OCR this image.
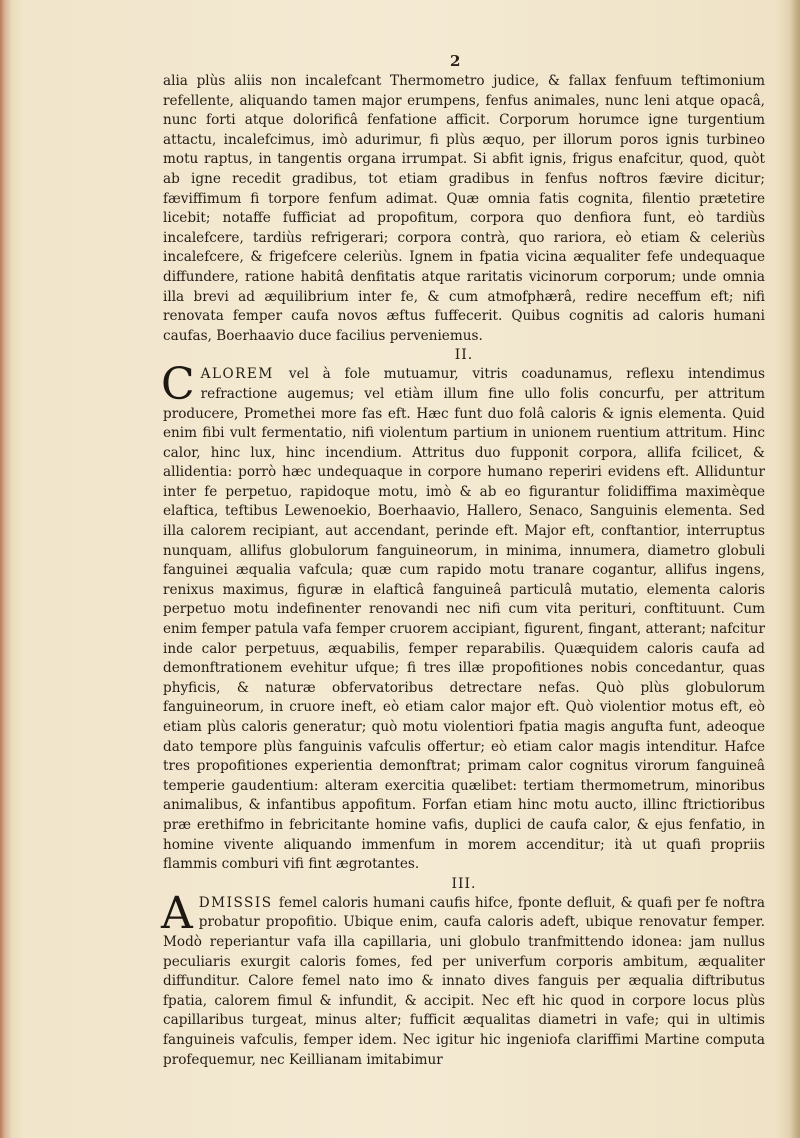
2

alia plùs aliis non incalefcant Thermometro judice, & fallax fenfuum teftimonium refellente, aliquando tamen major erumpens, fenfus animales, nunc leni atque opacâ, nunc forti atque dolorificâ fenfatione afficit. Corporum horumce igne turgentium attactu, incalefcimus, imò adurimur, fi plùs æquo, per illorum poros ignis turbineo motu raptus, in tangentis organa irrumpat. Si abfit ignis, frigus enafcitur, quod, quòt ab igne recedit gradibus, tot etiam gradibus in fenfus noftros fævire dicitur; fæviffimum fi torpore fenfum adimat. Quæ omnia fatis cognita, filentio prætetire licebit; notaffe fufficiat ad propofitum, corpora quo denfiora funt, eò tardiùs incalefcere, tardiùs refrigerari; corpora contrà, quo rariora, eò etiam & celeriùs incalefcere, & frigefcere celeriùs. Ignem in fpatia vicina æqualiter fefe undequaque diffundere, ratione habitâ denfitatis atque raritatis vicinorum corporum; unde omnia illa brevi ad æquilibrium inter fe, & cum atmofphærâ, redire neceffum eft; nifi renovata femper caufa novos æftus fuffecerit. Quibus cognitis ad caloris humani caufas, Boerhaavio duce facilius perveniemus.

II.

C ALOREM vel à fole mutuamur, vitris coadunamus, reflexu intendimus refractione augemus; vel etiàm illum fine ullo folis concurfu, per attritum producere, Promethei more fas eft. Hæc funt duo folâ caloris & ignis elementa. Quid enim fibi vult fermentatio, nifi violentum partium in unionem ruentium attritum. Hinc calor, hinc lux, hinc incendium. Attritus duo fupponit corpora, allifa fcilicet, & allidentia: porrò hæc undequaque in corpore humano reperiri evidens eft. Alliduntur inter fe perpetuo, rapidoque motu, imò & ab eo figurantur folidiffima maximèque elaftica, teftibus Lewenoekio, Boerhaavio, Hallero, Senaco, Sanguinis elementa. Sed illa calorem recipiant, aut accendant, perinde eft. Major eft, conftantior, interruptus nunquam, allifus globulorum fanguineorum, in minima, innumera, diametro globuli fanguinei æqualia vafcula; quæ cum rapido motu tranare cogantur, allifus ingens, renixus maximus, figuræ in elafticâ fanguineâ particulâ mutatio, elementa caloris perpetuo motu indefinenter renovandi nec nifi cum vita perituri, conftituunt. Cum enim femper patula vafa femper cruorem accipiant, figurent, fingant, atterant; nafcitur inde calor perpetuus, æquabilis, femper reparabilis. Quæquidem caloris caufa ad demonftrationem evehitur ufque; fi tres illæ propofitiones nobis concedantur, quas phyficis, & naturæ obfervatoribus detrectare nefas. Quò plùs globulorum fanguineorum, in cruore ineft, eò etiam calor major eft. Quò violentior motus eft, eò etiam plùs caloris generatur; quò motu violentiori fpatia magis angufta funt, adeoque dato tempore plùs fanguinis vafculis offertur; eò etiam calor magis intenditur. Hafce tres propofitiones experientia demonftrat; primam calor cognitus virorum fanguineâ temperie gaudentium: alteram exercitia quælibet: tertiam thermometrum, minoribus animalibus, & infantibus appofitum. Forfan etiam hinc motu aucto, illinc ftrictioribus præ erethifmo in febricitante homine vafis, duplici de caufa calor, & ejus fenfatio, in homine vivente aliquando immenfum in morem accenditur; ità ut quafi propriis flammis comburi vifi fint ægrotantes.

III.

A DMISSIS femel caloris humani caufis hifce, fponte defluit, & quafi per fe noftra probatur propofitio. Ubique enim, caufa caloris adeft, ubique renovatur femper. Modò reperiantur vafa illa capillaria, uni globulo tranfmittendo idonea: jam nullus peculiaris exurgit caloris fomes, fed per univerfum corporis ambitum, æqualiter diffunditur. Calore femel nato imo & innato dives fanguis per æqualia diftributus fpatia, calorem fimul & infundit, & accipit. Nec eft hic quod in corpore locus plùs capillaribus turgeat, minus alter; fufficit æqualitas diametri in vafe; qui in ultimis fanguineis vafculis, femper idem. Nec igitur hic ingeniofa clariffimi Martine computa profequemur, nec Keillianam imitabimur
